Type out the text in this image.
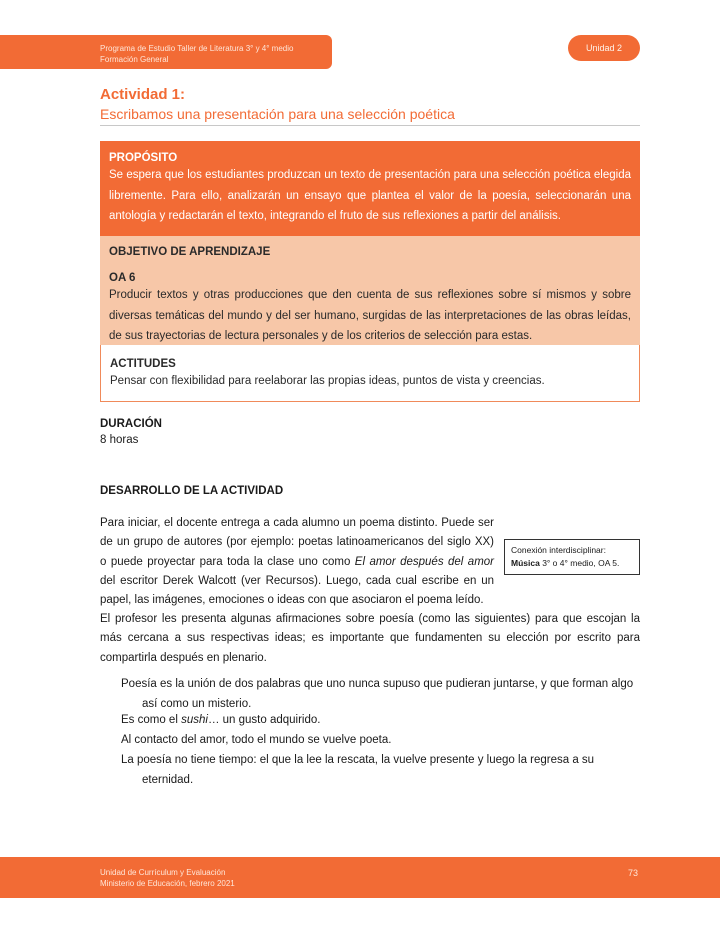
Programa de Estudio Taller de Literatura 3° y 4° medio
Formación General
Unidad 2
Actividad 1:
Escribamos una presentación para una selección poética
PROPÓSITO
Se espera que los estudiantes produzcan un texto de presentación para una selección poética elegida libremente. Para ello, analizarán un ensayo que plantea el valor de la poesía, seleccionarán una antología y redactarán el texto, integrando el fruto de sus reflexiones a partir del análisis.
OBJETIVO DE APRENDIZAJE
OA 6
Producir textos y otras producciones que den cuenta de sus reflexiones sobre sí mismos y sobre diversas temáticas del mundo y del ser humano, surgidas de las interpretaciones de las obras leídas, de sus trayectorias de lectura personales y de los criterios de selección para estas.
ACTITUDES
Pensar con flexibilidad para reelaborar las propias ideas, puntos de vista y creencias.
DURACIÓN
8 horas
DESARROLLO DE LA ACTIVIDAD
Conexión interdisciplinar:
Música 3° o 4° medio, OA 5.
Para iniciar, el docente entrega a cada alumno un poema distinto. Puede ser de un grupo de autores (por ejemplo: poetas latinoamericanos del siglo XX) o puede proyectar para toda la clase uno como El amor después del amor del escritor Derek Walcott (ver Recursos). Luego, cada cual escribe en un papel, las imágenes, emociones o ideas con que asociaron el poema leído.
El profesor les presenta algunas afirmaciones sobre poesía (como las siguientes) para que escojan la más cercana a sus respectivas ideas; es importante que fundamenten su elección por escrito para compartirla después en plenario.
Poesía es la unión de dos palabras que uno nunca supuso que pudieran juntarse, y que forman algo
así como un misterio.
Es como el sushi… un gusto adquirido.
Al contacto del amor, todo el mundo se vuelve poeta.
La poesía no tiene tiempo: el que la lee la rescata, la vuelve presente y luego la regresa a su
eternidad.
Unidad de Currículum y Evaluación
Ministerio de Educación, febrero 2021
73
